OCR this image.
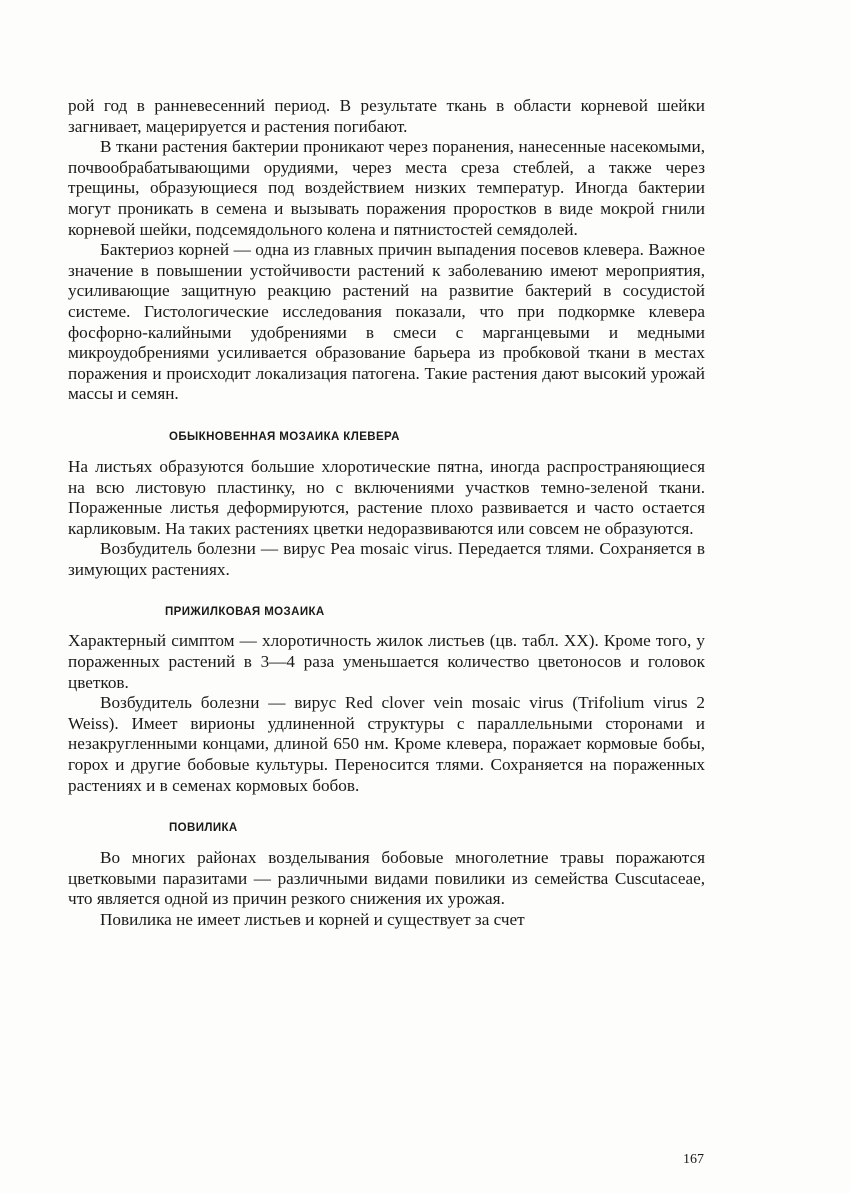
рой год в ранневесенний период. В результате ткань в области корневой шейки загнивает, мацерируется и растения погибают.

В ткани растения бактерии проникают через поранения, нанесенные насекомыми, почвообрабатывающими орудиями, через места среза стеблей, а также через трещины, образующиеся под воздействием низких температур. Иногда бактерии могут проникать в семена и вызывать поражения проростков в виде мокрой гнили корневой шейки, подсемядольного колена и пятнистостей семядолей.

Бактериоз корней — одна из главных причин выпадения посевов клевера. Важное значение в повышении устойчивости растений к заболеванию имеют мероприятия, усиливающие защитную реакцию растений на развитие бактерий в сосудистой системе. Гистологические исследования показали, что при подкормке клевера фосфорно-калийными удобрениями в смеси с марганцевыми и медными микроудобрениями усиливается образование барьера из пробковой ткани в местах поражения и происходит локализация патогена. Такие растения дают высокий урожай массы и семян.

ОБЫКНОВЕННАЯ МОЗАИКА КЛЕВЕРА

На листьях образуются большие хлоротические пятна, иногда распространяющиеся на всю листовую пластинку, но с включениями участков темно-зеленой ткани. Пораженные листья деформируются, растение плохо развивается и часто остается карликовым. На таких растениях цветки недоразвиваются или совсем не образуются.

Возбудитель болезни — вирус Pea mosaic virus. Передается тлями. Сохраняется в зимующих растениях.

ПРИЖИЛКОВАЯ МОЗАИКА

Характерный симптом — хлоротичность жилок листьев (цв. табл. XX). Кроме того, у пораженных растений в 3—4 раза уменьшается количество цветоносов и головок цветков.

Возбудитель болезни — вирус Red clover vein mosaic virus (Trifolium virus 2 Weiss). Имеет вирионы удлиненной структуры с параллельными сторонами и незакругленными концами, длиной 650 нм. Кроме клевера, поражает кормовые бобы, горох и другие бобовые культуры. Переносится тлями. Сохраняется на пораженных растениях и в семенах кормовых бобов.

ПОВИЛИКА

Во многих районах возделывания бобовые многолетние травы поражаются цветковыми паразитами — различными видами повилики из семейства Cuscutaceae, что является одной из причин резкого снижения их урожая.

Повилика не имеет листьев и корней и существует за счет

167
